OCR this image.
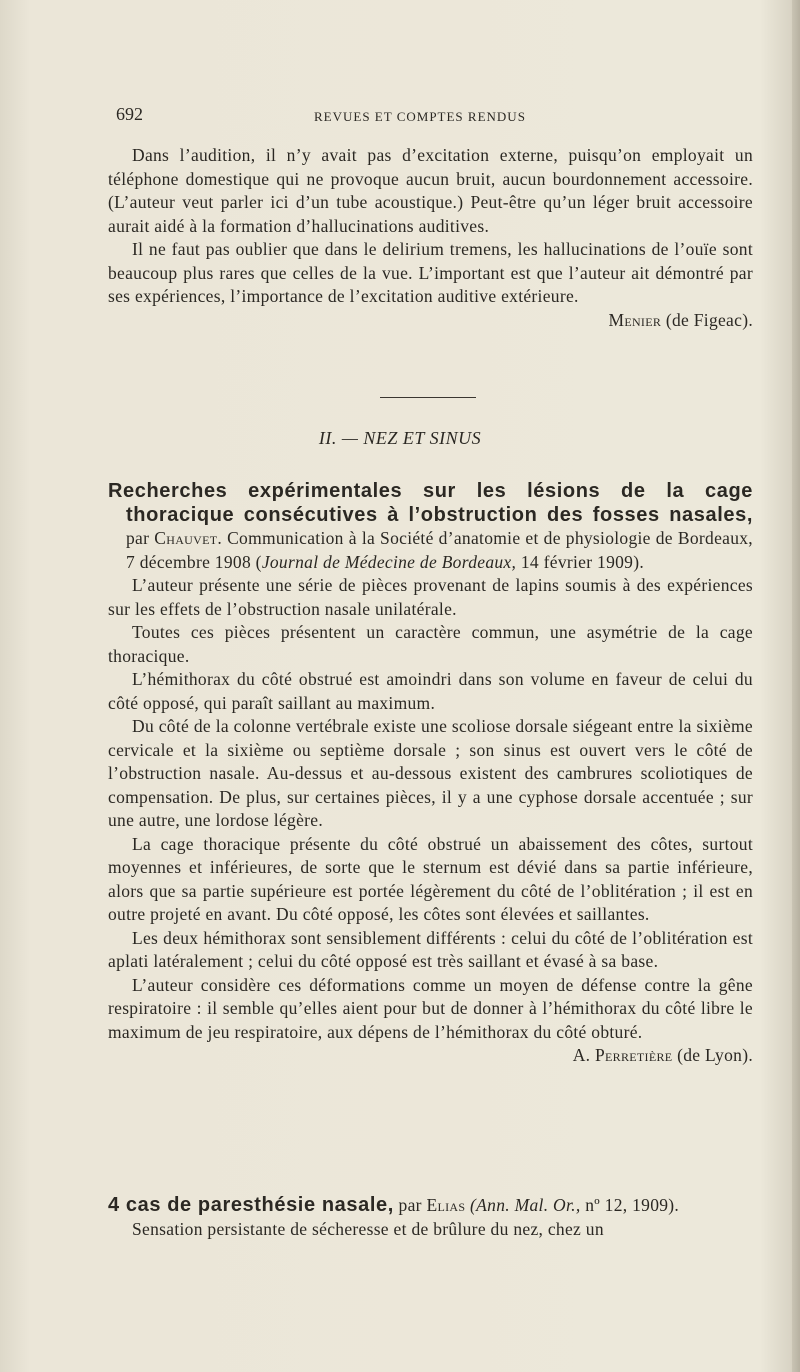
692	REVUES ET COMPTES RENDUS

Dans l’audition, il n’y avait pas d’excitation externe, puisqu’on employait un téléphone domestique qui ne provoque aucun bruit, aucun bourdonnement accessoire. (L’auteur veut parler ici d’un tube acoustique.) Peut-être qu’un léger bruit accessoire aurait aidé à la formation d’hallucinations auditives.

Il ne faut pas oublier que dans le delirium tremens, les hallucinations de l’ouïe sont beaucoup plus rares que celles de la vue. L’important est que l’auteur ait démontré par ses expériences, l’importance de l’excitation auditive extérieure.

Menier (de Figeac).

II. — NEZ ET SINUS

Recherches expérimentales sur les lésions de la cage thoracique consécutives à l’obstruction des fosses nasales, par Chauvet. Communication à la Société d’anatomie et de physiologie de Bordeaux, 7 décembre 1908 (Journal de Médecine de Bordeaux, 14 février 1909).

L’auteur présente une série de pièces provenant de lapins soumis à des expériences sur les effets de l’obstruction nasale unilatérale.

Toutes ces pièces présentent un caractère commun, une asymétrie de la cage thoracique.

L’hémithorax du côté obstrué est amoindri dans son volume en faveur de celui du côté opposé, qui paraît saillant au maximum.

Du côté de la colonne vertébrale existe une scoliose dorsale siégeant entre la sixième cervicale et la sixième ou septième dorsale ; son sinus est ouvert vers le côté de l’obstruction nasale. Au-dessus et au-dessous existent des cambrures scoliotiques de compensation. De plus, sur certaines pièces, il y a une cyphose dorsale accentuée ; sur une autre, une lordose légère.

La cage thoracique présente du côté obstrué un abaissement des côtes, surtout moyennes et inférieures, de sorte que le sternum est dévié dans sa partie inférieure, alors que sa partie supérieure est portée légèrement du côté de l’oblitération ; il est en outre projeté en avant. Du côté opposé, les côtes sont élevées et saillantes.

Les deux hémithorax sont sensiblement différents : celui du côté de l’oblitération est aplati latéralement ; celui du côté opposé est très saillant et évasé à sa base.

L’auteur considère ces déformations comme un moyen de défense contre la gêne respiratoire : il semble qu’elles aient pour but de donner à l’hémithorax du côté libre le maximum de jeu respiratoire, aux dépens de l’hémithorax du côté obturé.

A. Perretière (de Lyon).

4 cas de paresthésie nasale, par Elias (Ann. Mal. Or., nº 12, 1909).

Sensation persistante de sécheresse et de brûlure du nez, chez un
